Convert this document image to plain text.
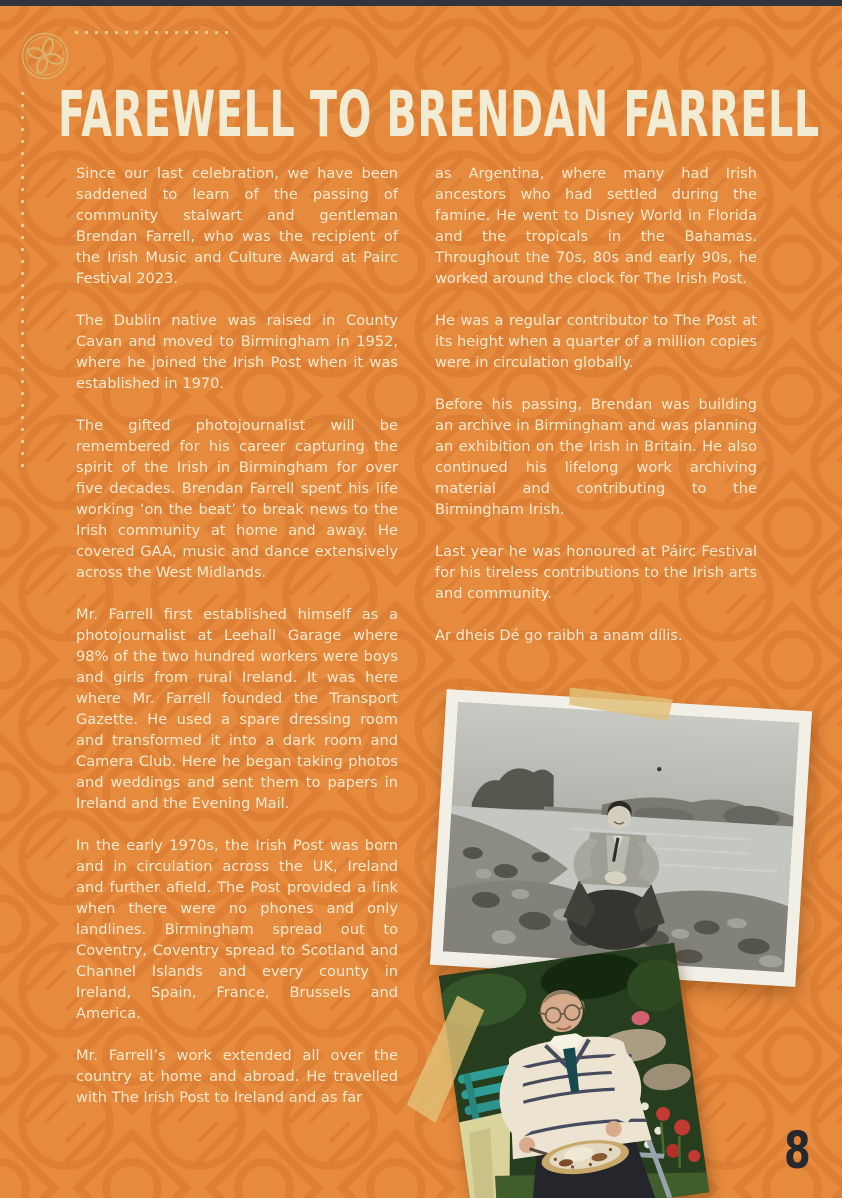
FAREWELL TO BRENDAN FARRELL

Since our last celebration, we have been saddened to learn of the passing of community stalwart and gentleman Brendan Farrell, who was the recipient of the Irish Music and Culture Award at Pairc Festival 2023.

The Dublin native was raised in County Cavan and moved to Birmingham in 1952, where he joined the Irish Post when it was established in 1970.

The gifted photojournalist will be remembered for his career capturing the spirit of the Irish in Birmingham for over five decades. Brendan Farrell spent his life working ‘on the beat’ to break news to the Irish community at home and away. He covered GAA, music and dance extensively across the West Midlands.

Mr. Farrell first established himself as a photojournalist at Leehall Garage where 98% of the two hundred workers were boys and girls from rural Ireland. It was here where Mr. Farrell founded the Transport Gazette. He used a spare dressing room and transformed it into a dark room and Camera Club. Here he began taking photos and weddings and sent them to papers in Ireland and the Evening Mail.

In the early 1970s, the Irish Post was born and in circulation across the UK, Ireland and further afield. The Post provided a link when there were no phones and only landlines. Birmingham spread out to Coventry, Coventry spread to Scotland and Channel Islands and every county in Ireland, Spain, France, Brussels and America.

Mr. Farrell’s work extended all over the country at home and abroad. He travelled with The Irish Post to Ireland and as far

as Argentina, where many had Irish ancestors who had settled during the famine. He went to Disney World in Florida and the tropicals in the Bahamas. Throughout the 70s, 80s and early 90s, he worked around the clock for The Irish Post.

He was a regular contributor to The Post at its height when a quarter of a million copies were in circulation globally.

Before his passing, Brendan was building an archive in Birmingham and was planning an exhibition on the Irish in Britain. He also continued his lifelong work archiving material and contributing to the Birmingham Irish.

Last year he was honoured at Páirc Festival for his tireless contributions to the Irish arts and community.

Ar dheis Dé go raibh a anam dílis.

8
